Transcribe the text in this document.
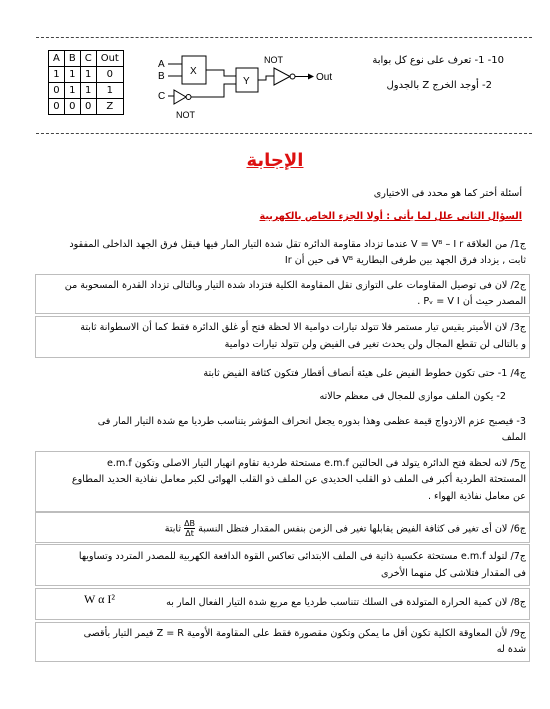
A	B	C	Out
1	1	1	0
0	1	1	1
0	0	0	Z
A
B
C
X
Y
NOT
NOT
Out
10- 1- تعرف على نوع كل بوابة
2- أوجد الخرج Z بالجدول
الإجابة
أسئلة أختر كما هو محدد فى الاختيارى
السؤال الثانى علل لما يأتى : أولا الجزء الخاص بالكهربية
ج1/ من العلاقة V = Vᴮ – I r عندما تزداد مقاومة الدائرة تقل شدة التيار المار فيها فيقل فرق الجهد الداخلى المفقود
Ir فى حين أن Vᴮ ثابت , يزداد فرق الجهد بين طرفى البطارية
ج2/ لان فى توصيل المقاومات على التوازى تقل المقاومة الكلية فتزداد شدة التيار وبالتالى تزداد القدرة المسحوبة من
المصدر حيث أن Pᵥ = V I .
ج3/ لان الأميتر يقيس تيار مستمر فلا تتولد تيارات دوامية الا لحظة فتح أو غلق الدائرة فقط كما أن الاسطوانة ثابتة
و بالتالى لن تقطع المجال ولن يحدث تغير فى الفيض ولن تتولد تيارات دوامية
ج4/ 1- حتى تكون خطوط الفيض على هيئة أنصاف أقطار فتكون كثافة الفيض ثابتة
2- يكون الملف موازى للمجال فى معظم حالاته
3- فيصبح عزم الازدواج قيمة عظمى وهذا بدوره يجعل انحراف المؤشر يتناسب طرديا مع شدة التيار المار فى
الملف
ج5/ لانه لحظة فتح الدائرة يتولد فى الحالتين e.m.f مستحثة طردية تقاوم انهيار التيار الاصلى وتكون e.m.f
المستحثة الطردية أكبر فى الملف ذو القلب الحديدى عن الملف ذو القلب الهوائى لكبر معامل نفاذية الحديد المطاوع
عن معامل نفاذية الهواء .
ج6/ لان أى تغير فى كثافة الفيض يقابلها تغير فى الزمن بنفس المقدار فتظل النسبة
$\frac{\Delta B}{\Delta t}$
ثابتة
ج7/ لتولد e.m.f مستحثة عكسية ذاتية فى الملف الابتدائى تعاكس القوة الدافعة الكهربية للمصدر المتردد وتساويها
فى المقدار فتلاشى كل منهما الأخرى
ج8/ لان كمية الحرارة المتولدة فى السلك تتناسب طرديا مع مربع شدة التيار الفعال المار به
W α I²
ج9/ لأن المعاوقة الكلية تكون أقل ما يمكن وتكون مقصورة فقط على المقاومة الأومية Z = R فيمر التيار بأقصى
شدة له
